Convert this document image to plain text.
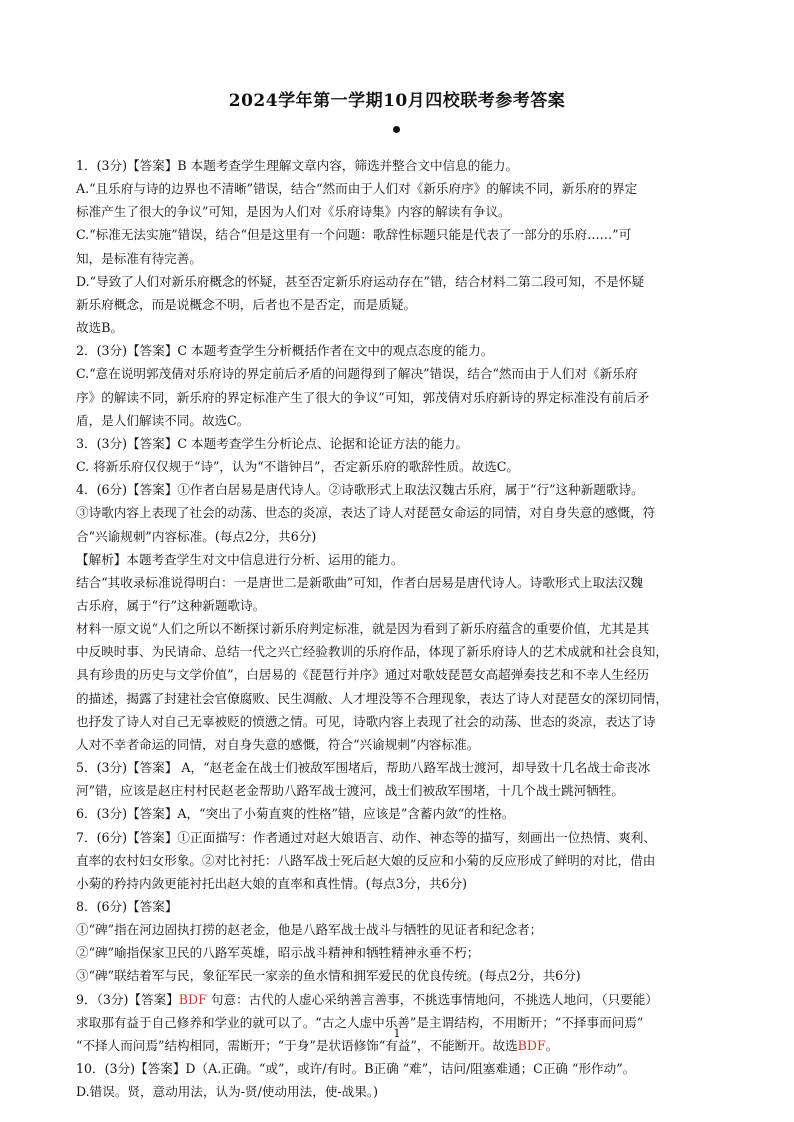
2024学年第一学期10月四校联考参考答案

1．(3分)【答案】B 本题考查学生理解文章内容，筛选并整合文中信息的能力。

A.“且乐府与诗的边界也不清晰”错误，结合“然而由于人们对《新乐府序》的解读不同，新乐府的界定

标准产生了很大的争议”可知，是因为人们对《乐府诗集》内容的解读有争议。

C.“标准无法实施”错误，结合“但是这里有一个问题：歌辞性标题只能是代表了一部分的乐府……”可

知，是标准有待完善。

D.“导致了人们对新乐府概念的怀疑，甚至否定新乐府运动存在”错，结合材料二第二段可知，不是怀疑

新乐府概念，而是说概念不明，后者也不是否定，而是质疑。

故选B。

2．(3分)【答案】C 本题考查学生分析概括作者在文中的观点态度的能力。

C.“意在说明郭茂倩对乐府诗的界定前后矛盾的问题得到了解决”错误，结合“然而由于人们对《新乐府

序》的解读不同，新乐府的界定标准产生了很大的争议”可知，郭茂倩对乐府新诗的界定标准没有前后矛

盾，是人们解读不同。故选C。

3．(3分)【答案】C 本题考查学生分析论点、论据和论证方法的能力。

C. 将新乐府仅仅规于“诗”，认为“不谐钟吕”，否定新乐府的歌辞性质。故选C。

4．(6分)【答案】①作者白居易是唐代诗人。②诗歌形式上取法汉魏古乐府，属于“行”这种新题歌诗。

③诗歌内容上表现了社会的动荡、世态的炎凉，表达了诗人对琵琶女命运的同情，对自身失意的感慨，符

合“兴谕规刺”内容标准。(每点2分，共6分)

【解析】本题考查学生对文中信息进行分析、运用的能力。

结合“其收录标准说得明白：一是唐世二是新歌曲”可知，作者白居易是唐代诗人。诗歌形式上取法汉魏

古乐府，属于“行”这种新题歌诗。

材料一原文说“人们之所以不断探讨新乐府判定标准，就是因为看到了新乐府蕴含的重要价值，尤其是其

中反映时事、为民请命、总结一代之兴亡经验教训的乐府作品，体现了新乐府诗人的艺术成就和社会良知，

具有珍贵的历史与文学价值”，白居易的《琵琶行并序》通过对歌妓琵琶女高超弹奏技艺和不幸人生经历

的描述，揭露了封建社会官僚腐败、民生凋敝、人才埋没等不合理现象，表达了诗人对琵琶女的深切同情，

也抒发了诗人对自己无辜被贬的愤懑之情。可见，诗歌内容上表现了社会的动荡、世态的炎凉，表达了诗

人对不幸者命运的同情，对自身失意的感慨，符合“兴谕规刺”内容标准。

5．(3分)【答案】 A，“赵老金在战士们被敌军围堵后，帮助八路军战士渡河，却导致十几名战士命丧冰

河”错，应该是赵庄村村民赵老金帮助八路军战士渡河，战士们被敌军围堵，十几个战士跳河牺牲。

6．(3分)【答案】A，“突出了小菊直爽的性格”错，应该是”含蓄内敛“的性格。

7．(6分)【答案】①正面描写：作者通过对赵大娘语言、动作、神态等的描写，刻画出一位热情、爽利、

直率的农村妇女形象。②对比衬托：八路军战士死后赵大娘的反应和小菊的反应形成了鲜明的对比，借由

小菊的矜持内敛更能衬托出赵大娘的直率和真性情。(每点3分，共6分)

8．(6分)【答案】

①“碑”指在河边固执打捞的赵老金，他是八路军战士战斗与牺牲的见证者和纪念者；

②“碑”喻指保家卫民的八路军英雄，昭示战斗精神和牺牲精神永垂不朽；

③“碑”联结着军与民，象征军民一家亲的鱼水情和拥军爱民的优良传统。(每点2分，共6分)

9．（3分)【答案】BDF 句意：古代的人虚心采纳善言善事，不挑选事情地问，不挑选人地问，（只要能）

求取那有益于自己修养和学业的就可以了。“古之人虚中乐善”是主谓结构，不用断开；“不择事而问焉”

“不择人而问焉”结构相同，需断开；“于身”是状语修饰“有益”，不能断开。故选BDF。

10．(3分)【答案】D（A.正确。“或”，或许/有时。B正确 “难”，诘问/阻塞难通；C正确 “形作动”。

D.错误。贤，意动用法，认为-贤/使动用法，使-战果。)

1
